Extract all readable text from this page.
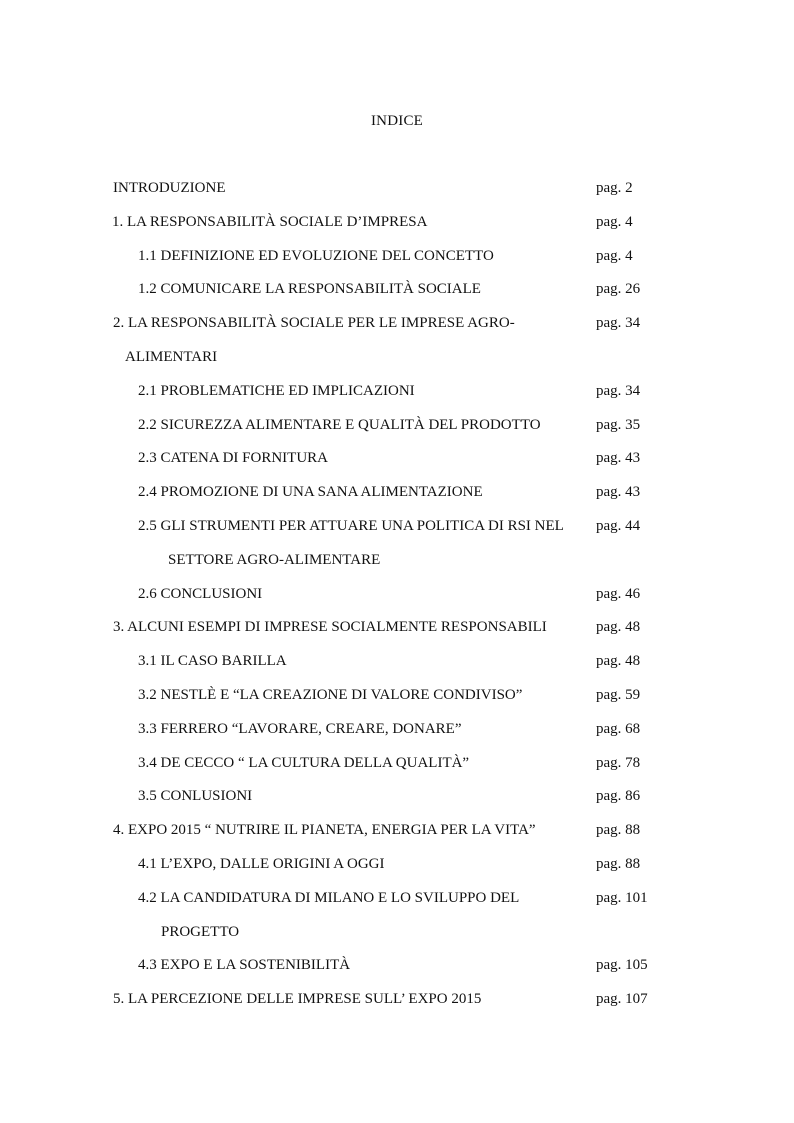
INDICE
INTRODUZIONE	pag. 2
1. LA RESPONSABILITÀ SOCIALE D’IMPRESA	pag. 4
1.1 DEFINIZIONE ED EVOLUZIONE DEL CONCETTO	pag. 4
1.2 COMUNICARE LA RESPONSABILITÀ SOCIALE	pag. 26
2. LA RESPONSABILITÀ SOCIALE PER LE IMPRESE AGRO-	pag. 34
ALIMENTARI
2.1 PROBLEMATICHE ED IMPLICAZIONI	pag. 34
2.2 SICUREZZA ALIMENTARE E QUALITÀ DEL PRODOTTO	pag. 35
2.3 CATENA DI FORNITURA	pag. 43
2.4 PROMOZIONE DI UNA SANA ALIMENTAZIONE	pag. 43
2.5 GLI STRUMENTI PER ATTUARE UNA POLITICA DI RSI NEL pag. 44
SETTORE AGRO-ALIMENTARE
2.6 CONCLUSIONI	pag. 46
3. ALCUNI ESEMPI DI IMPRESE SOCIALMENTE RESPONSABILI	pag. 48
3.1 IL CASO BARILLA	pag. 48
3.2 NESTLÈ E “LA CREAZIONE DI VALORE CONDIVISO”	pag. 59
3.3 FERRERO “LAVORARE, CREARE, DONARE”	pag. 68
3.4 DE CECCO “ LA CULTURA DELLA QUALITÀ”	pag. 78
3.5 CONLUSIONI	pag. 86
4. EXPO 2015 “ NUTRIRE IL PIANETA, ENERGIA PER LA VITA”	pag. 88
4.1 L’EXPO, DALLE ORIGINI A OGGI	pag. 88
4.2 LA CANDIDATURA DI MILANO E LO SVILUPPO DEL	pag. 101
PROGETTO
4.3 EXPO E LA SOSTENIBILITÀ	pag. 105
5. LA PERCEZIONE DELLE IMPRESE SULL’ EXPO 2015	pag. 107
